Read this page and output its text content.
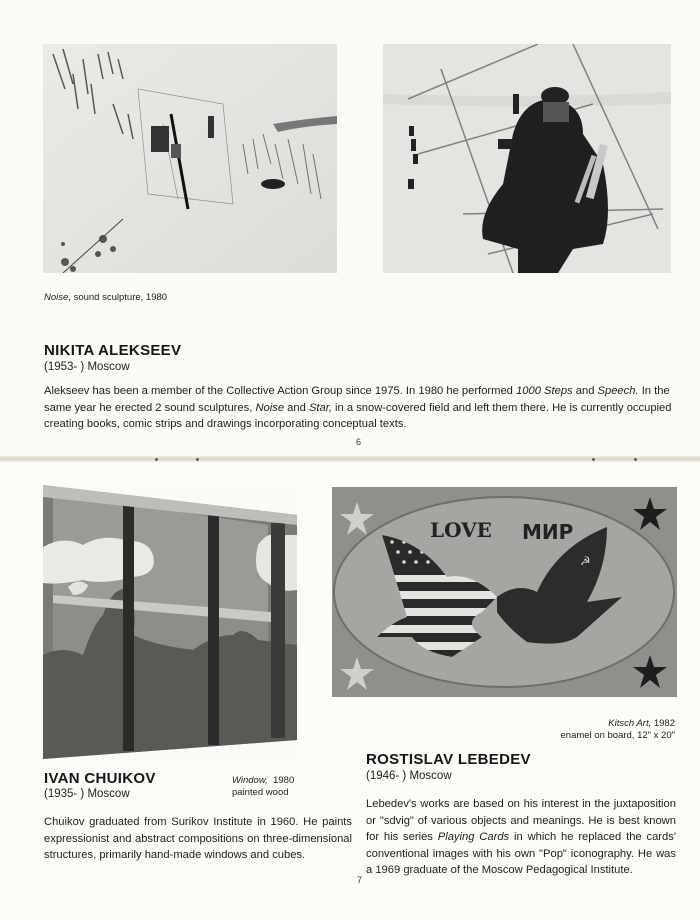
Noise, sound sculpture, 1980
NIKITA ALEKSEEV
(1953- ) Moscow
Alekseev has been a member of the Collective Action Group since 1975. In 1980 he performed 1000 Steps and Speech. In the same year he erected 2 sound sculptures, Noise and Star, in a snow-covered field and left them there. He is currently occupied creating books, comic strips and drawings incorporating conceptual texts.
6
☭
LOVE МИР
Kitsch Art, 1982
enamel on board, 12" x 20"
Window,  1980
painted wood
IVAN CHUIKOV
(1935- ) Moscow
Chuikov graduated from Surikov Institute in 1960. He paints expressionist and abstract compositions on three-dimensional structures, primarily hand-made windows and cubes.
ROSTISLAV LEBEDEV
(1946- ) Moscow
Lebedev's works are based on his interest in the juxtaposition or "sdvig" of various objects and meanings. He is best known for his series Playing Cards in which he replaced the cards' conventional images with his own "Pop" iconography. He was a 1969 graduate of the Moscow Pedagogical Institute.
7
